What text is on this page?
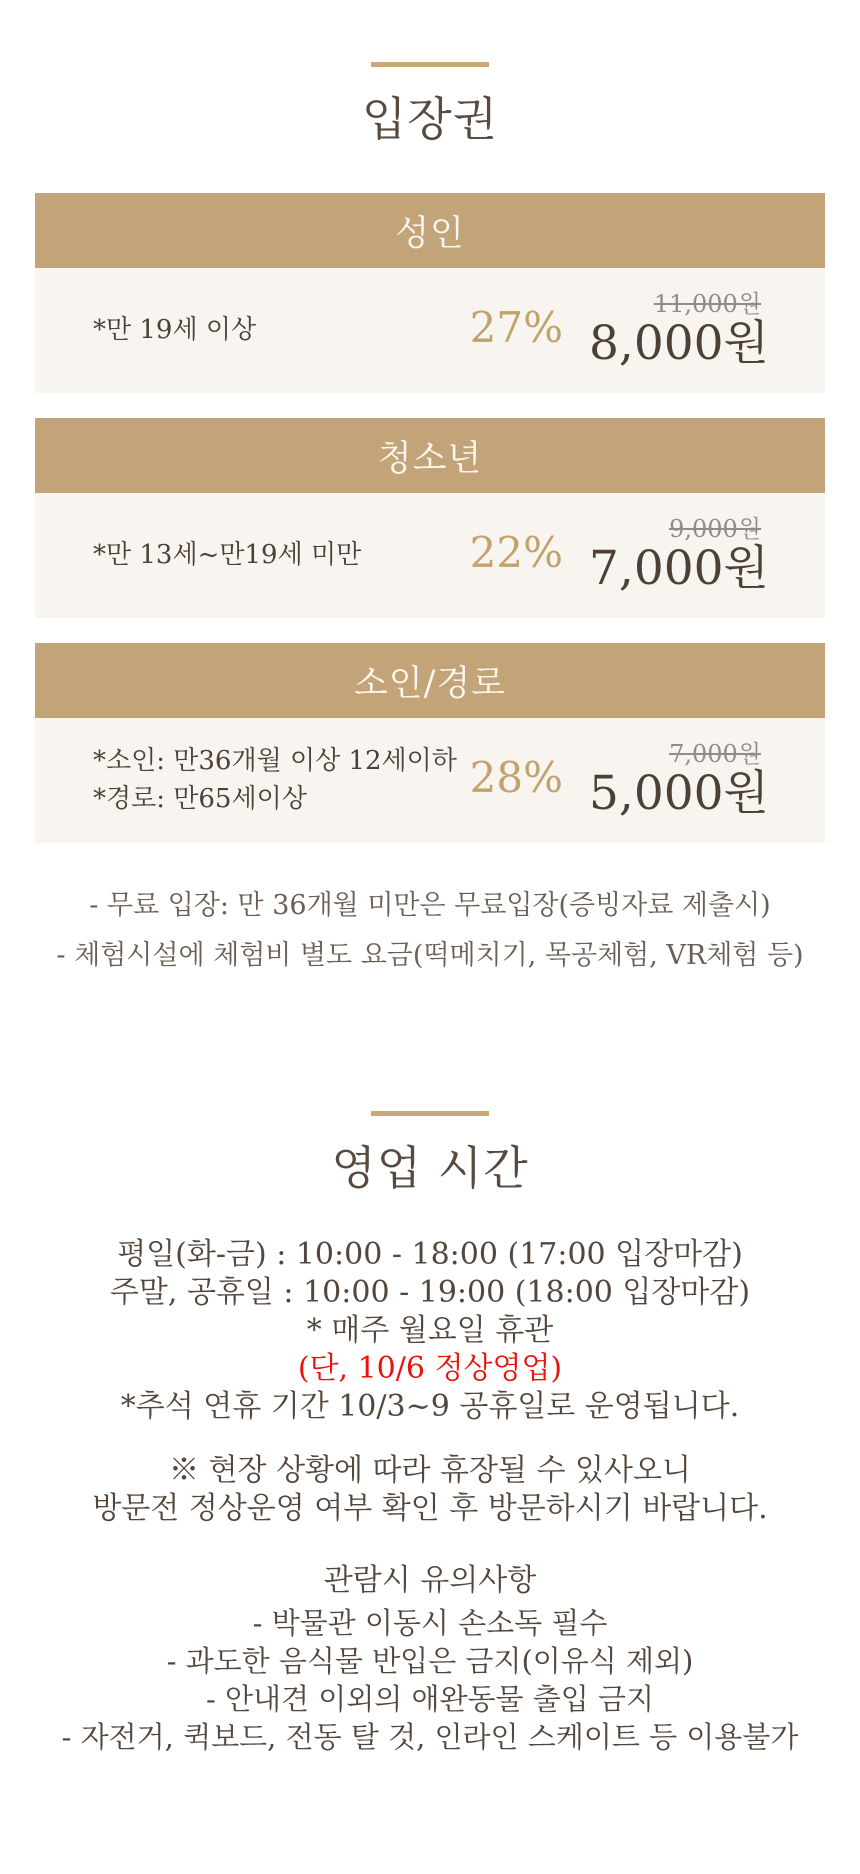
입장권
성인
*만 19세 이상	27%	11,000원
8,000원
청소년
*만 13세~만19세 미만	22%	9,000원
7,000원
소인/경로
*소인: 만36개월 이상 12세이하
*경로: 만65세이상	28%	7,000원
5,000원
- 무료 입장: 만 36개월 미만은 무료입장(증빙자료 제출시)
- 체험시설에 체험비 별도 요금(떡메치기, 목공체험, VR체험 등)
영업 시간
평일(화-금) : 10:00 - 18:00 (17:00 입장마감)
주말, 공휴일 : 10:00 - 19:00 (18:00 입장마감)
* 매주 월요일 휴관
(단, 10/6 정상영업)
*추석 연휴 기간 10/3~9 공휴일로 운영됩니다.
※ 현장 상황에 따라 휴장될 수 있사오니
방문전 정상운영 여부 확인 후 방문하시기 바랍니다.
관람시 유의사항
- 박물관 이동시 손소독 필수
- 과도한 음식물 반입은 금지(이유식 제외)
- 안내견 이외의 애완동물 출입 금지
- 자전거, 퀵보드, 전동 탈 것, 인라인 스케이트 등 이용불가
